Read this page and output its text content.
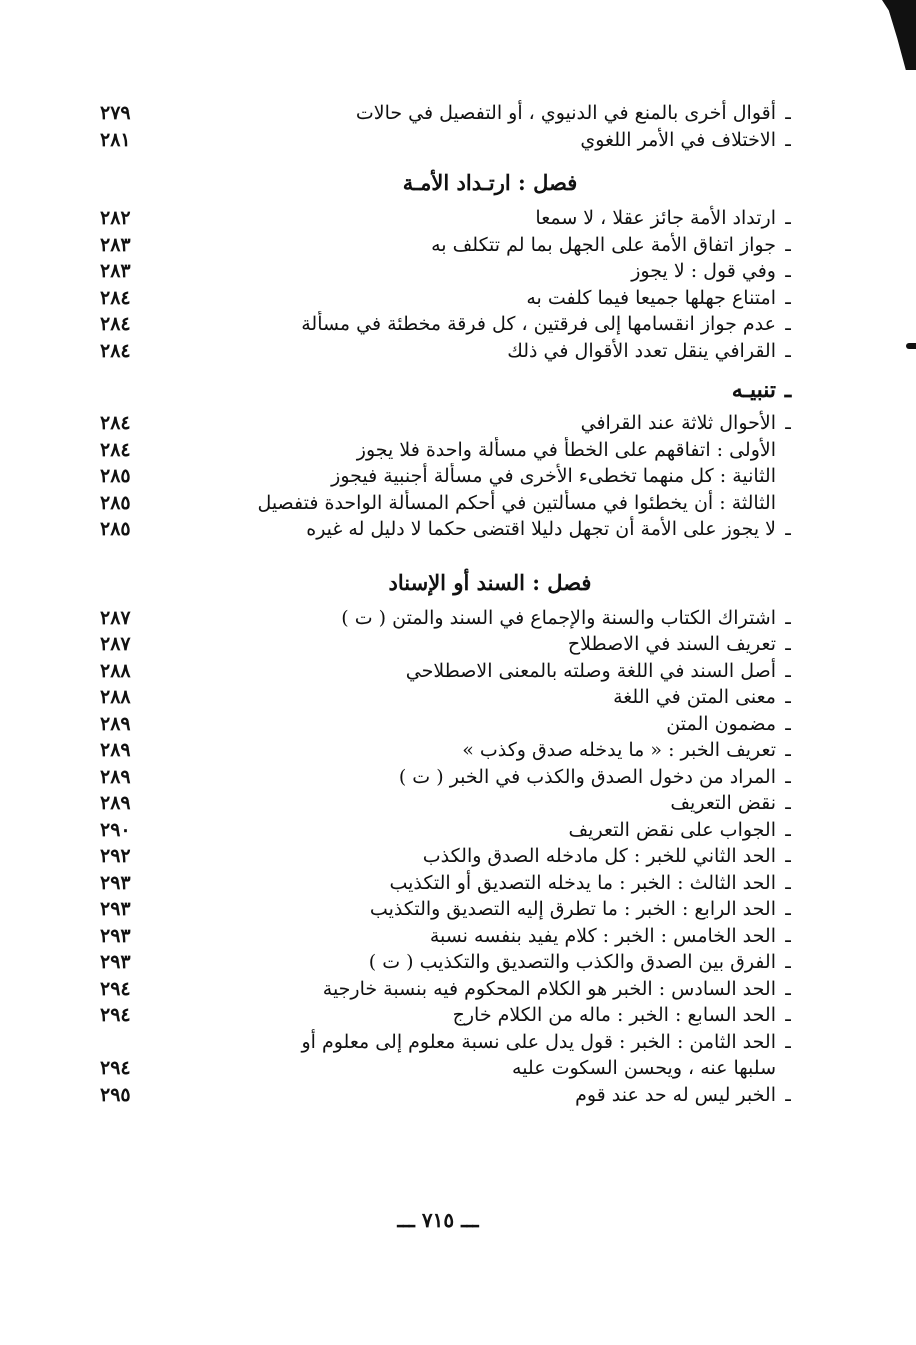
ـ
أقوال أخرى بالمنع في الدنيوي ، أو التفصيل في حالات
٢٧٩
ـ
الاختلاف في الأمر اللغوي
٢٨١
فصل : ارتـداد الأمـة
ـ
ارتداد الأمة جائز عقلا ، لا سمعا
٢٨٢
ـ
جواز اتفاق الأمة على الجهل بما لم تتكلف به
٢٨٣
ـ
وفي قول : لا يجوز
٢٨٣
ـ
امتناع جهلها جميعا فيما كلفت به
٢٨٤
ـ
عدم جواز انقسامها إلى فرقتين ، كل فرقة مخطئة في مسألة
٢٨٤
ـ
القرافي ينقل تعدد الأقوال في ذلك
٢٨٤
ـ
تنبيـه
ـ
الأحوال ثلاثة عند القرافي
٢٨٤
الأولى : اتفاقهم على الخطأ في مسألة واحدة فلا يجوز
٢٨٤
الثانية : كل منهما تخطىء الأخرى في مسألة أجنبية فيجوز
٢٨٥
الثالثة : أن يخطئوا في مسألتين في أحكم المسألة الواحدة فتفصيل
٢٨٥
ـ
لا يجوز على الأمة أن تجهل دليلا اقتضى حكما لا دليل له غيره
٢٨٥
فصل : السند أو الإسناد
ـ
اشتراك الكتاب والسنة والإجماع في السند والمتن ( ت )
٢٨٧
ـ
تعريف السند في الاصطلاح
٢٨٧
ـ
أصل السند في اللغة وصلته بالمعنى الاصطلاحي
٢٨٨
ـ
معنى المتن في اللغة
٢٨٨
ـ
مضمون المتن
٢٨٩
ـ
تعريف الخبر : « ما يدخله صدق وكذب »
٢٨٩
ـ
المراد من دخول الصدق والكذب في الخبر ( ت )
٢٨٩
ـ
نقض التعريف
٢٨٩
ـ
الجواب على نقض التعريف
٢٩٠
ـ
الحد الثاني للخبر : كل مادخله الصدق والكذب
٢٩٢
ـ
الحد الثالث : الخبر : ما يدخله التصديق أو التكذيب
٢٩٣
ـ
الحد الرابع : الخبر : ما تطرق إليه التصديق والتكذيب
٢٩٣
ـ
الحد الخامس : الخبر : كلام يفيد بنفسه نسبة
٢٩٣
ـ
الفرق بين الصدق والكذب والتصديق والتكذيب ( ت )
٢٩٣
ـ
الحد السادس : الخبر هو الكلام المحكوم فيه بنسبة خارجية
٢٩٤
ـ
الحد السابع : الخبر : ماله من الكلام خارج
٢٩٤
ـ
الحد الثامن : الخبر : قول يدل على نسبة معلوم إلى معلوم أو
سلبها عنه ، ويحسن السكوت عليه
٢٩٤
ـ
الخبر ليس له حد عند قوم
٢٩٥
ـــ ٧١٥ ـــ
